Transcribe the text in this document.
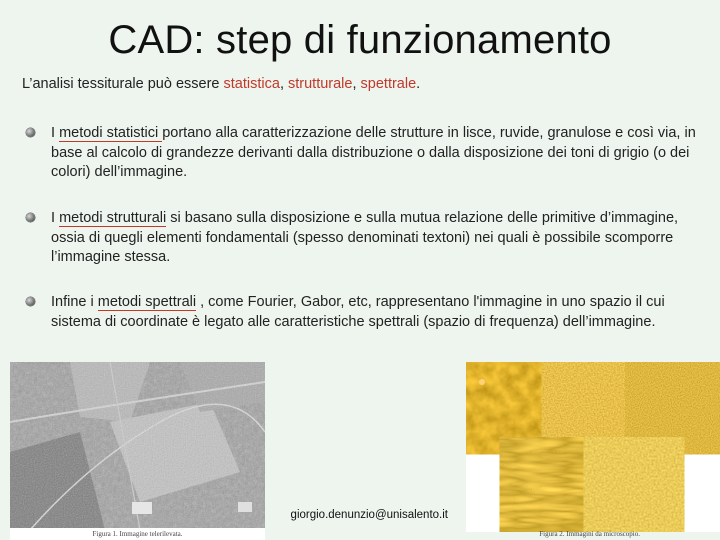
CAD: step di funzionamento
L’analisi tessiturale può essere statistica, strutturale, spettrale.
I metodi statistici portano alla caratterizzazione delle strutture in lisce, ruvide, granulose e così via, in base al calcolo di grandezze derivanti dalla distribuzione o dalla disposizione dei toni di grigio (o dei colori) dell’immagine.
I metodi strutturali si basano sulla disposizione e sulla mutua relazione delle primitive d’immagine, ossia di quegli elementi fondamentali (spesso denominati textoni) nei quali è possibile scomporre l’immagine stessa.
Infine i metodi spettrali , come Fourier, Gabor, etc, rappresentano l'immagine in uno spazio il cui sistema di coordinate è legato alle caratteristiche spettrali (spazio di frequenza) dell’immagine.
Figura 1. Immagine telerilevata.	Figura 2. Immagini da microscopio.
giorgio.denunzio@unisalento.it
